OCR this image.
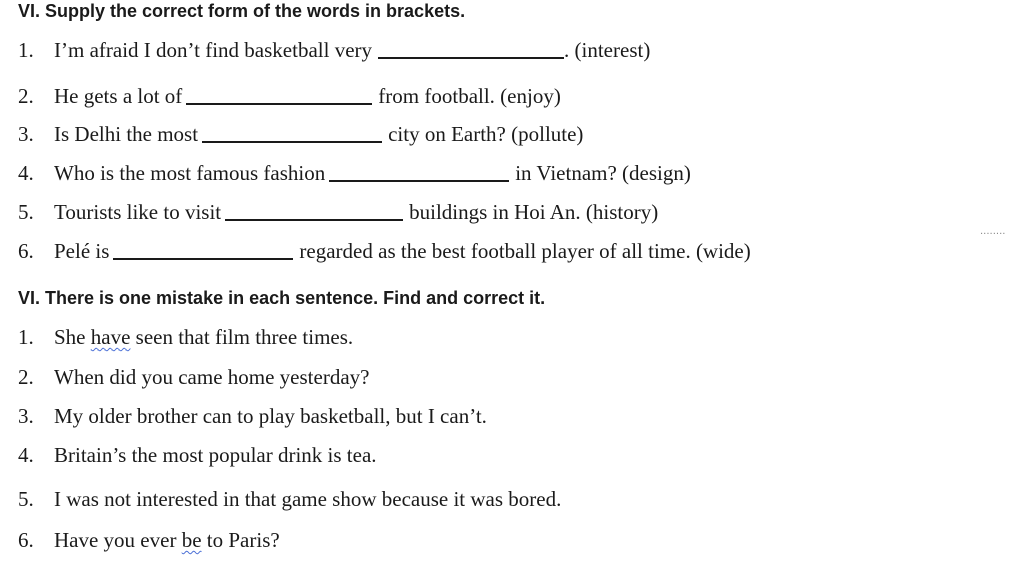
VI. Supply the correct form of the words in brackets.
1. I’m afraid I don’t find basketball very	. (interest)
2. He gets a lot of	from football. (enjoy)
3. Is Delhi the most	city on Earth? (pollute)
4. Who is the most famous fashion	in Vietnam? (design)
5. Tourists like to visit	buildings in Hoi An. (history)
6. Pelé is	regarded as the best football player of all time. (wide)
........
VI. There is one mistake in each sentence. Find and correct it.
1. She have seen that film three times.
2. When did you came home yesterday?
3. My older brother can to play basketball, but I can’t.
4. Britain’s the most popular drink is tea.
5. I was not interested in that game show because it was bored.
6. Have you ever be to Paris?
